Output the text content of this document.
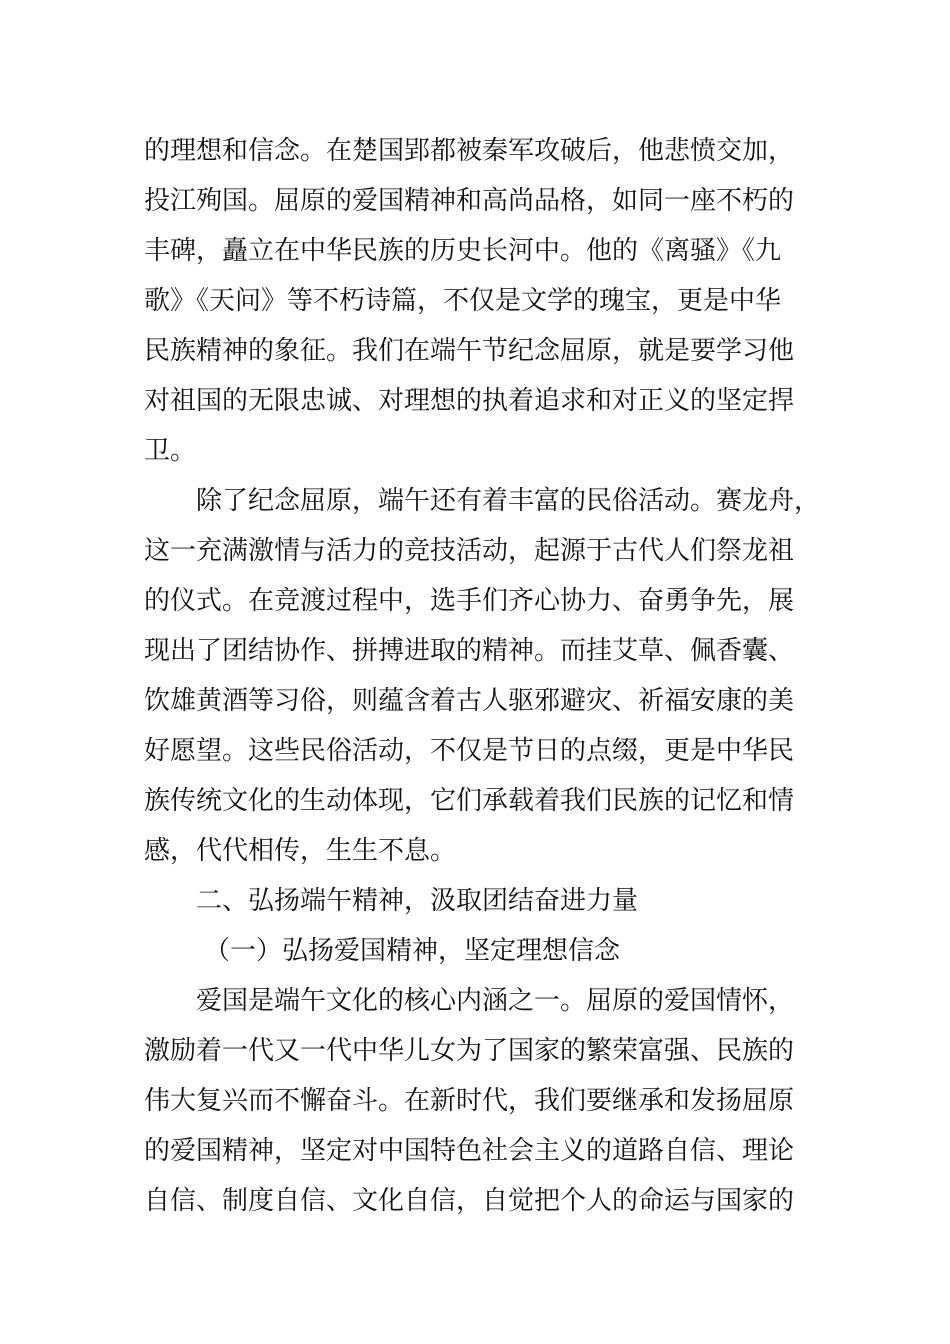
的理想和信念。在楚国郢都被秦军攻破后，他悲愤交加，
投江殉国。屈原的爱国精神和高尚品格，如同一座不朽的
丰碑，矗立在中华民族的历史长河中。他的《离骚》《九
歌》《天问》等不朽诗篇，不仅是文学的瑰宝，更是中华
民族精神的象征。我们在端午节纪念屈原，就是要学习他
对祖国的无限忠诚、对理想的执着追求和对正义的坚定捍
卫。
除了纪念屈原，端午还有着丰富的民俗活动。赛龙舟，
这一充满激情与活力的竞技活动，起源于古代人们祭龙祖
的仪式。在竞渡过程中，选手们齐心协力、奋勇争先，展
现出了团结协作、拼搏进取的精神。而挂艾草、佩香囊、
饮雄黄酒等习俗，则蕴含着古人驱邪避灾、祈福安康的美
好愿望。这些民俗活动，不仅是节日的点缀，更是中华民
族传统文化的生动体现，它们承载着我们民族的记忆和情
感，代代相传，生生不息。
二、弘扬端午精神，汲取团结奋进力量
（一）弘扬爱国精神，坚定理想信念
爱国是端午文化的核心内涵之一。屈原的爱国情怀，
激励着一代又一代中华儿女为了国家的繁荣富强、民族的
伟大复兴而不懈奋斗。在新时代，我们要继承和发扬屈原
的爱国精神，坚定对中国特色社会主义的道路自信、理论
自信、制度自信、文化自信，自觉把个人的命运与国家的
